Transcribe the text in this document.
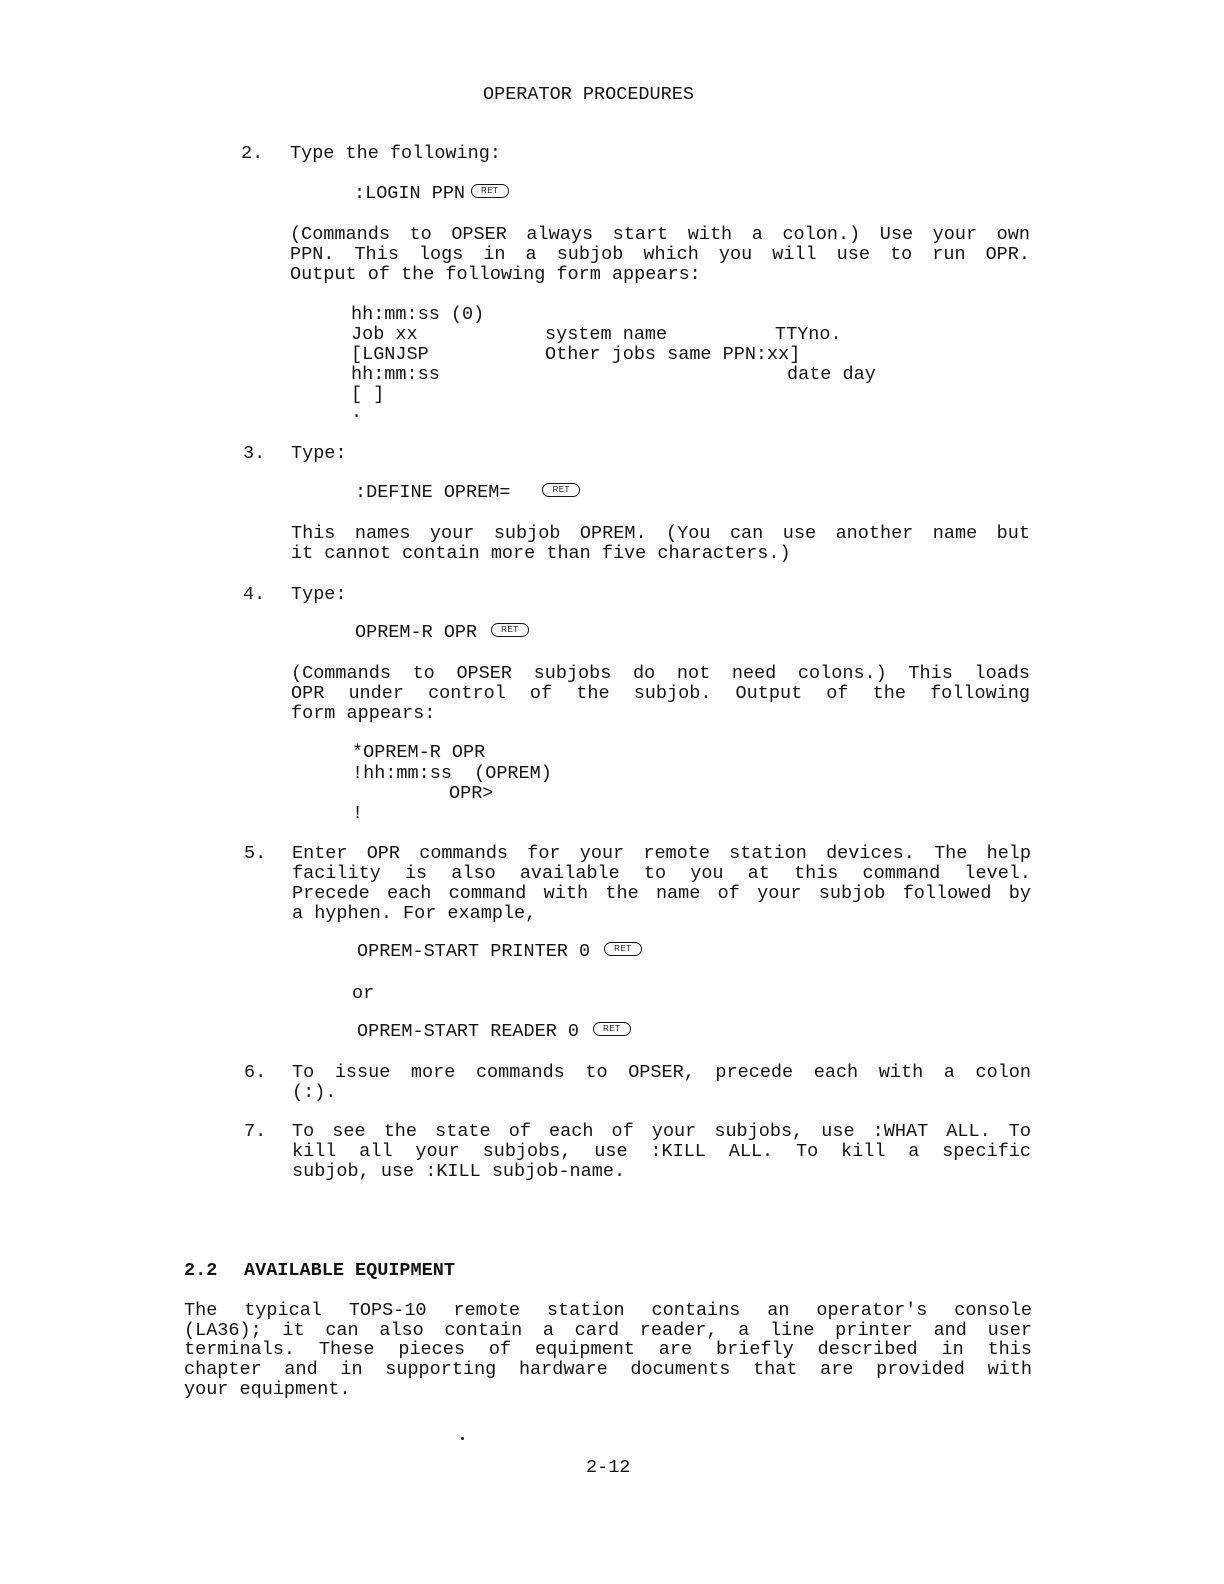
OPERATOR PROCEDURES
2. Type the following:
:LOGIN PPN RET
(Commands to OPSER always start with a colon.) Use your own
PPN. This logs in a subjob which you will use to run OPR.
Output of the following form appears:
hh:mm:ss (0)
Job xx	system name	TTYno.
[LGNJSP	Other jobs same PPN:xx]
hh:mm:ss	date day
[ ]
.
3. Type:
:DEFINE OPREM=	RET
This names your subjob OPREM. (You can use another name but
it cannot contain more than five characters.)
4. Type:
OPREM-R OPR	RET
(Commands to OPSER subjobs do not need colons.) This loads
OPR under control of the subjob. Output of the following
form appears:
*OPREM-R OPR
!hh:mm:ss  (OPREM)
OPR>
!
5. Enter OPR commands for your remote station devices. The help
facility is also available to you at this command level.
Precede each command with the name of your subjob followed by
a hyphen. For example,
OPREM-START PRINTER 0	RET
or
OPREM-START READER 0	RET
6. To issue more commands to OPSER, precede each with a colon
(:).
7. To see the state of each of your subjobs, use :WHAT ALL. To
kill all your subjobs, use :KILL ALL. To kill a specific
subjob, use :KILL subjob-name.
2.2 AVAILABLE EQUIPMENT
The typical TOPS-10 remote station contains an operator's console
(LA36); it can also contain a card reader, a line printer and user
terminals. These pieces of equipment are briefly described in this
chapter and in supporting hardware documents that are provided with
your equipment.
2-12
